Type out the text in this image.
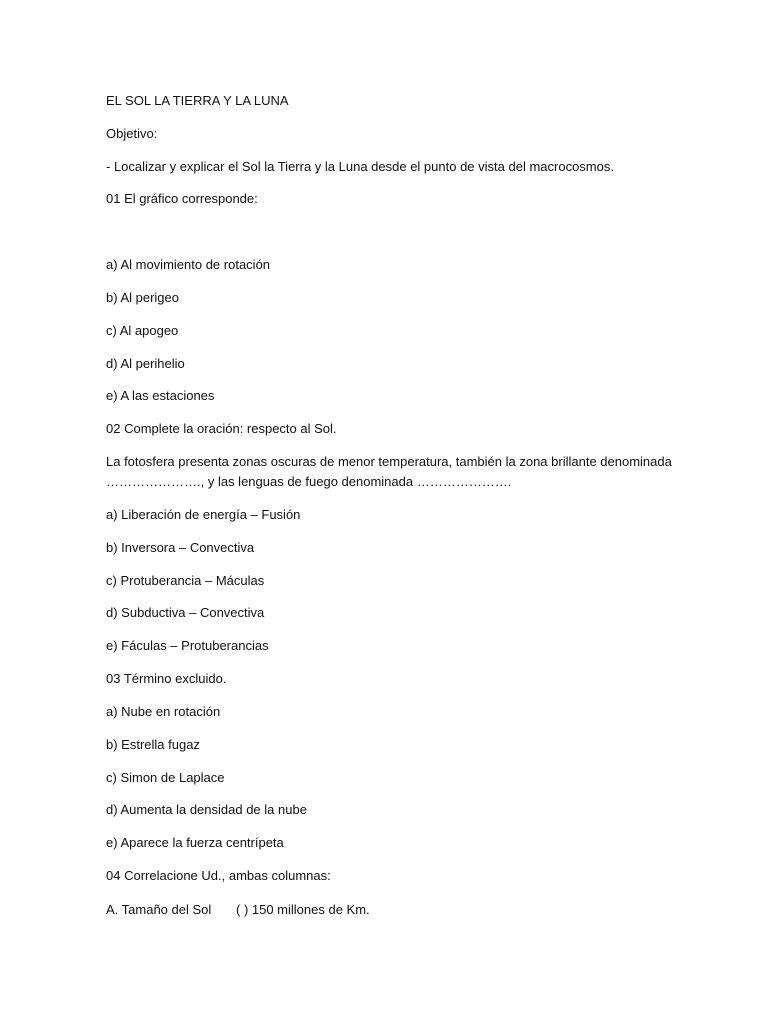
EL SOL LA TIERRA Y LA LUNA
Objetivo:
- Localizar y explicar el Sol la Tierra y la Luna desde el punto de vista del macrocosmos.
01 El gráfico corresponde:
a) Al movimiento de rotación
b) Al perigeo
c) Al apogeo
d) Al perihelio
e) A las estaciones
02 Complete la oración: respecto al Sol.
La fotosfera presenta zonas oscuras de menor temperatura, también la zona brillante denominada
…………………., y las lenguas de fuego denominada ………………….
a) Liberación de energía – Fusión
b) Inversora – Convectiva
c) Protuberancia – Máculas
d) Subductiva – Convectiva
e) Fáculas – Protuberancias
03 Término excluido.
a) Nube en rotación
b) Estrella fugaz
c) Simon de Laplace
d) Aumenta la densidad de la nube
e) Aparece la fuerza centrípeta
04 Correlacione Ud., ambas columnas:
A. Tamaño del Sol ( ) 150 millones de Km.
